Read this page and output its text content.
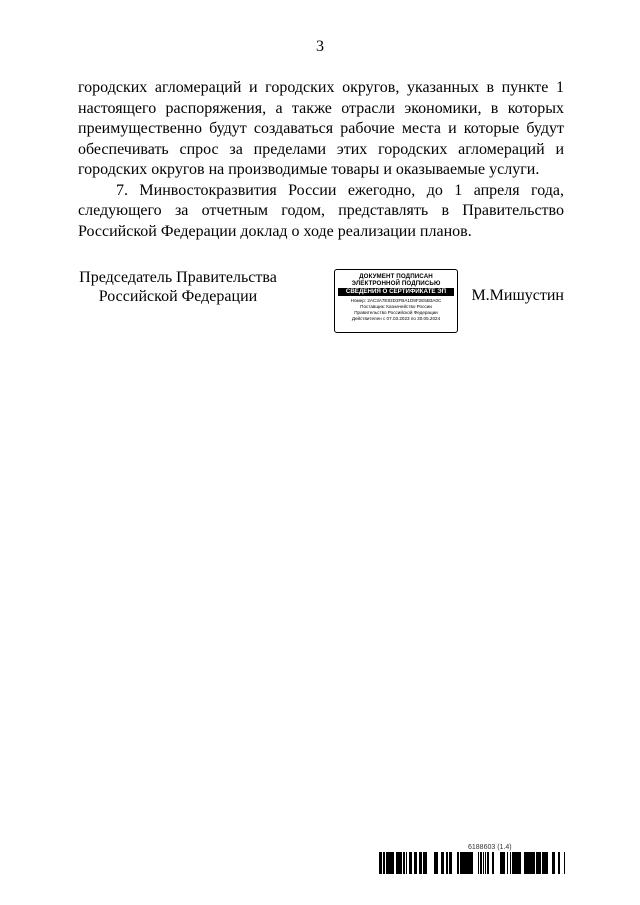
3

городских агломераций и городских округов, указанных в пункте 1 настоящего распоряжения, а также отрасли экономики, в которых преимущественно будут создаваться рабочие места и которые будут обеспечивать спрос за пределами этих городских агломераций и городских округов на производимые товары и оказываемые услуги.

7. Минвостокразвития России ежегодно, до 1 апреля года, следующего за отчетным годом, представлять в Правительство Российской Федерации доклад о ходе реализации планов.

Председатель Правительства
Российской Федерации
ДОКУМЕНТ ПОДПИСАН
ЭЛЕКТРОННОЙ ПОДПИСЬЮ
СВЕДЕНИЯ О СЕРТИФИКАТЕ ЭП
Номер: 2AC3A7E83D3FBA1D9F2E5B3A0C
Поставщик: Казначейство России
Правительство Российской Федерации
Действителен с 07.03.2023 по 30.05.2024
М.Мишустин
6188603 (1.4)
